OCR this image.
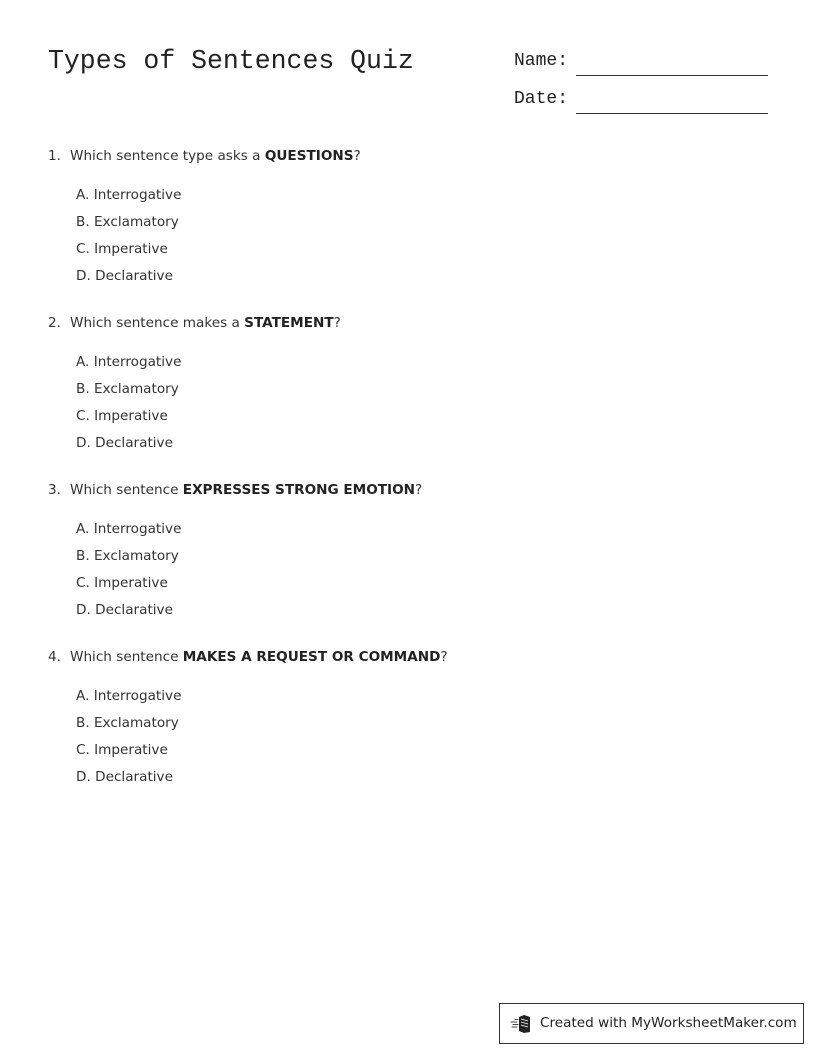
Types of Sentences Quiz	Name:
Date:
1. Which sentence type asks a QUESTIONS?
A. Interrogative
B. Exclamatory
C. Imperative
D. Declarative
2. Which sentence makes a STATEMENT?
A. Interrogative
B. Exclamatory
C. Imperative
D. Declarative
3. Which sentence EXPRESSES STRONG EMOTION?
A. Interrogative
B. Exclamatory
C. Imperative
D. Declarative
4. Which sentence MAKES A REQUEST OR COMMAND?
A. Interrogative
B. Exclamatory
C. Imperative
D. Declarative
Created with MyWorksheetMaker.com
